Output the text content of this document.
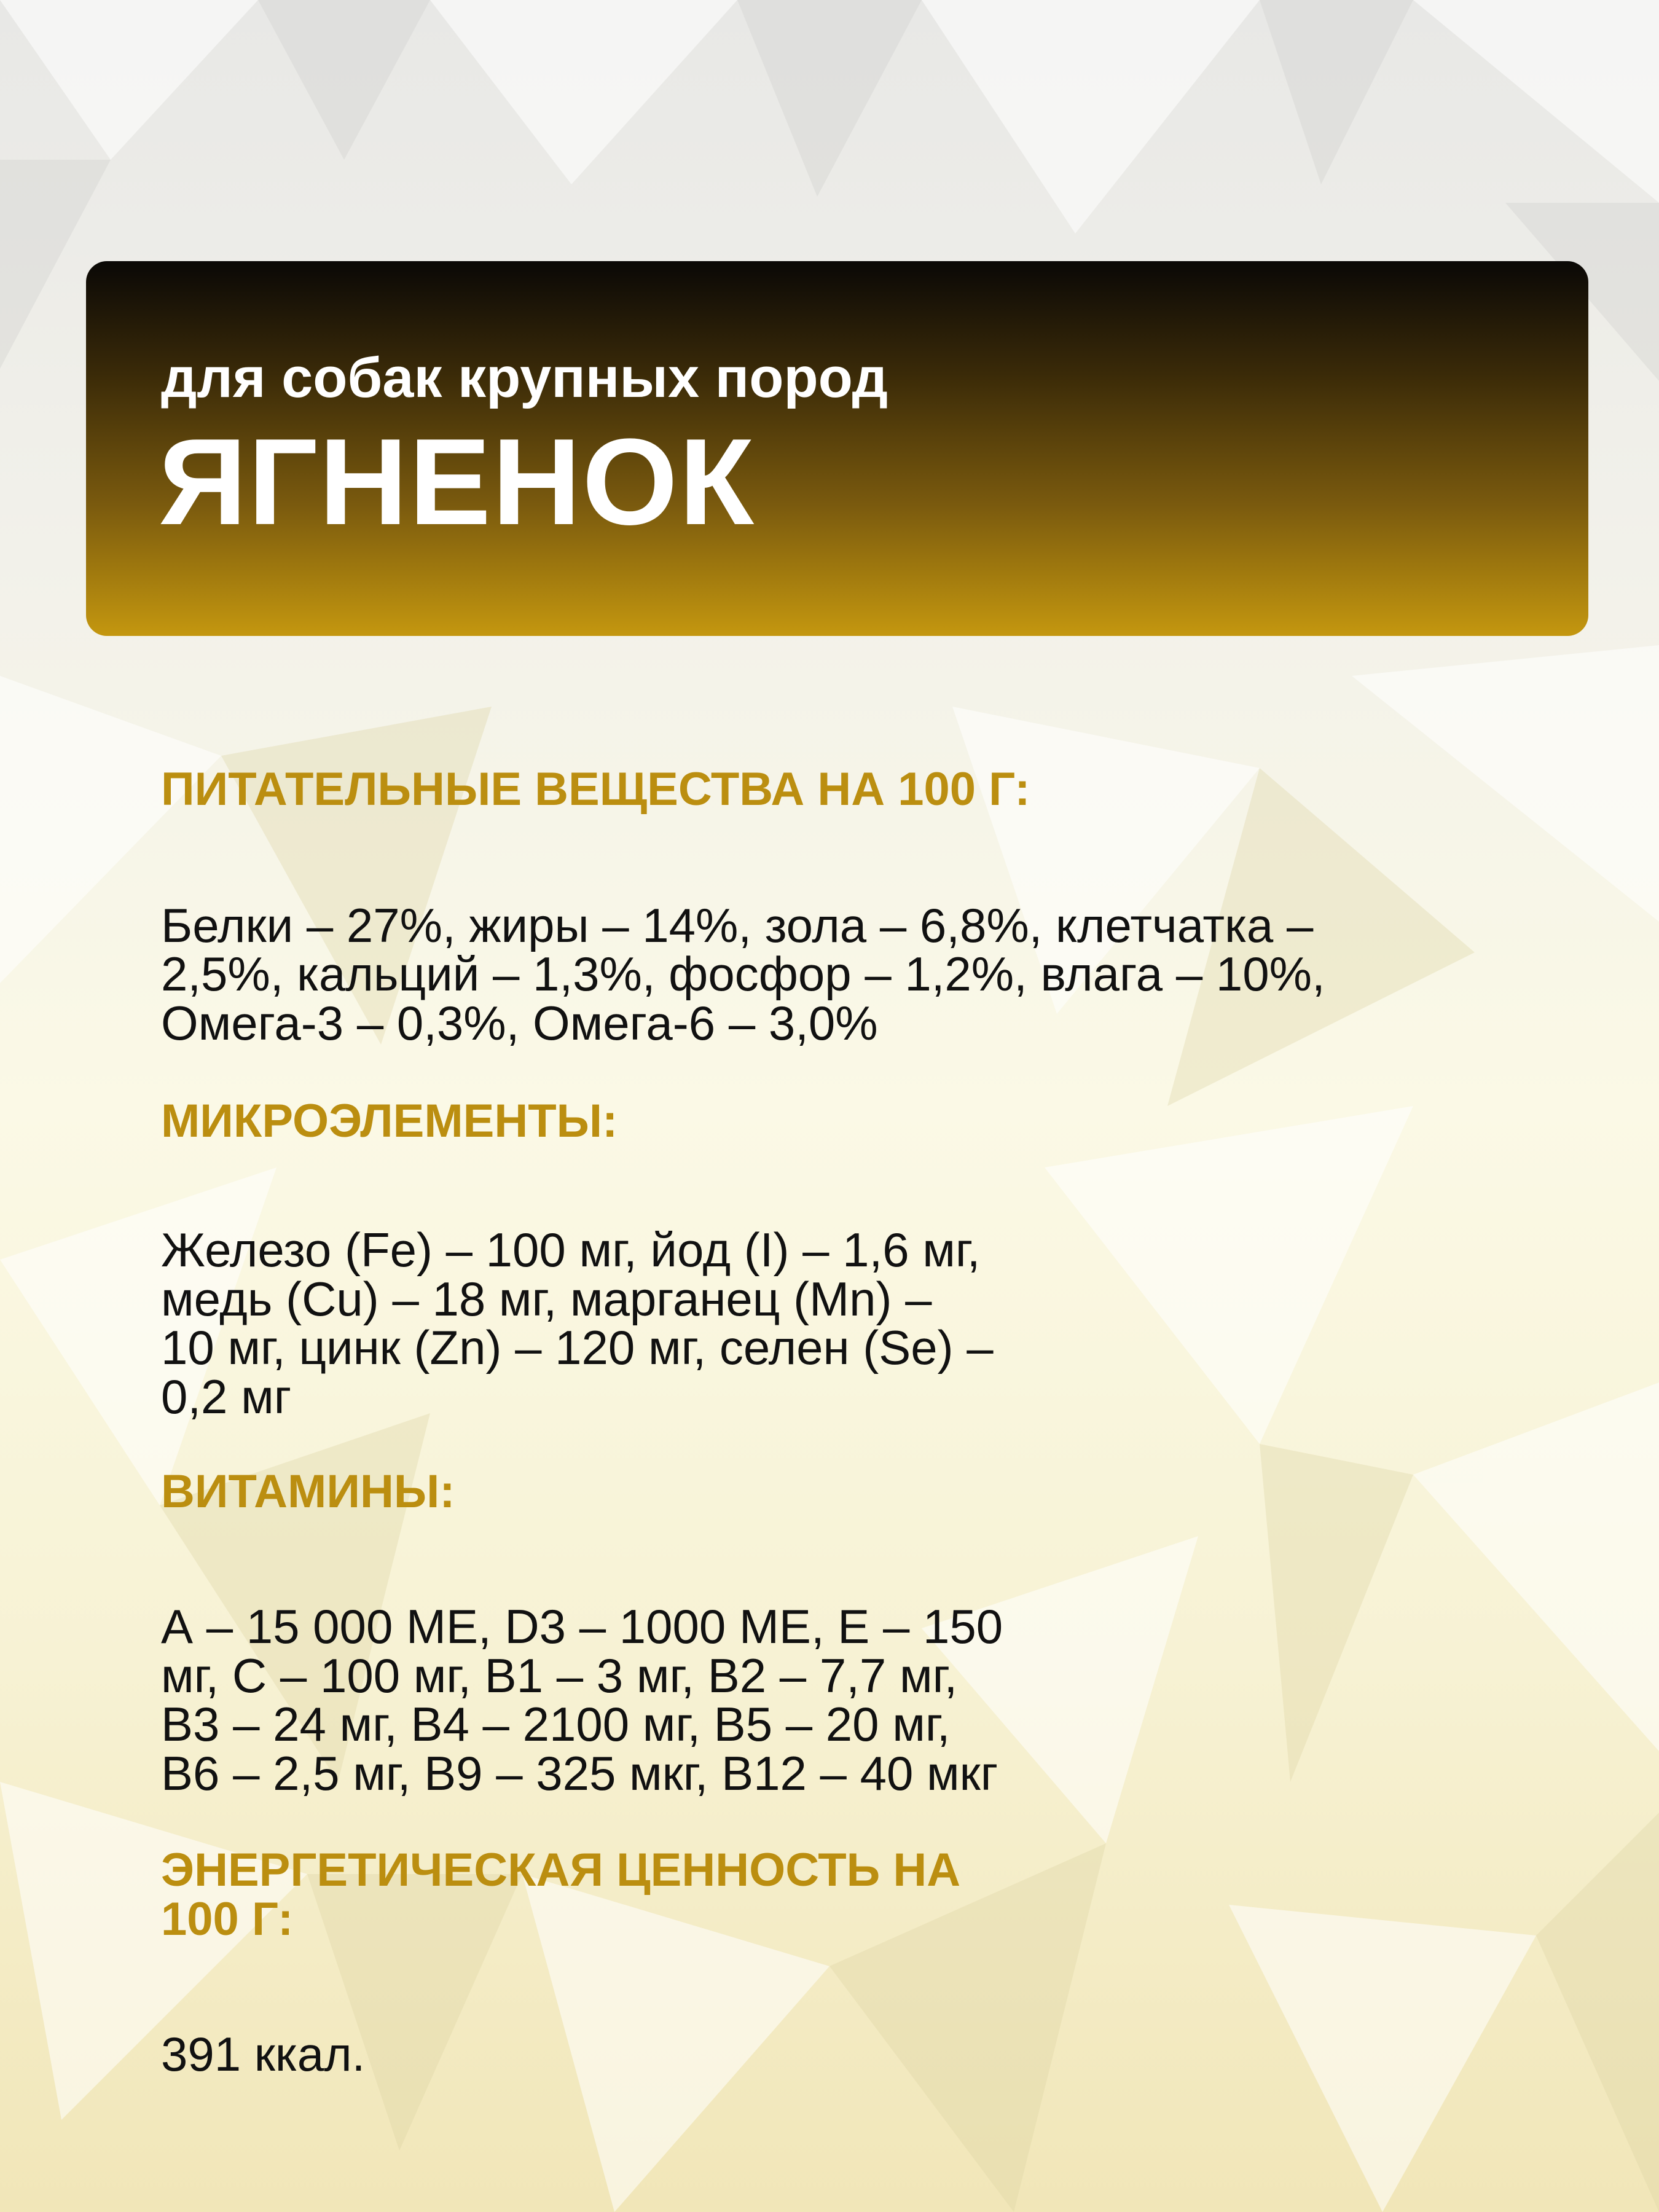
для собак крупных пород

ЯГНЕНОК
ПИТАТЕЛЬНЫЕ ВЕЩЕСТВА НА 100 Г:

Белки – 27%, жиры – 14%, зола – 6,8%, клетчатка – 2,5%, кальций – 1,3%, фосфор – 1,2%, влага – 10%, Омега-3 – 0,3%, Омега-6 – 3,0%

МИКРОЭЛЕМЕНТЫ:

Железо (Fe) – 100 мг, йод (I) – 1,6 мг, медь (Cu) – 18 мг, марганец (Mn) – 10 мг, цинк (Zn) – 120 мг, селен (Se) – 0,2 мг

ВИТАМИНЫ:

А – 15 000 МЕ, D3 – 1000 МЕ, Е – 150 мг, С – 100 мг, В1 – 3 мг, В2 – 7,7 мг, В3 – 24 мг, В4 – 2100 мг, В5 – 20 мг, В6 – 2,5 мг, В9 – 325 мкг, В12 – 40 мкг

ЭНЕРГЕТИЧЕСКАЯ ЦЕННОСТЬ НА 100 Г:

391 ккал.
